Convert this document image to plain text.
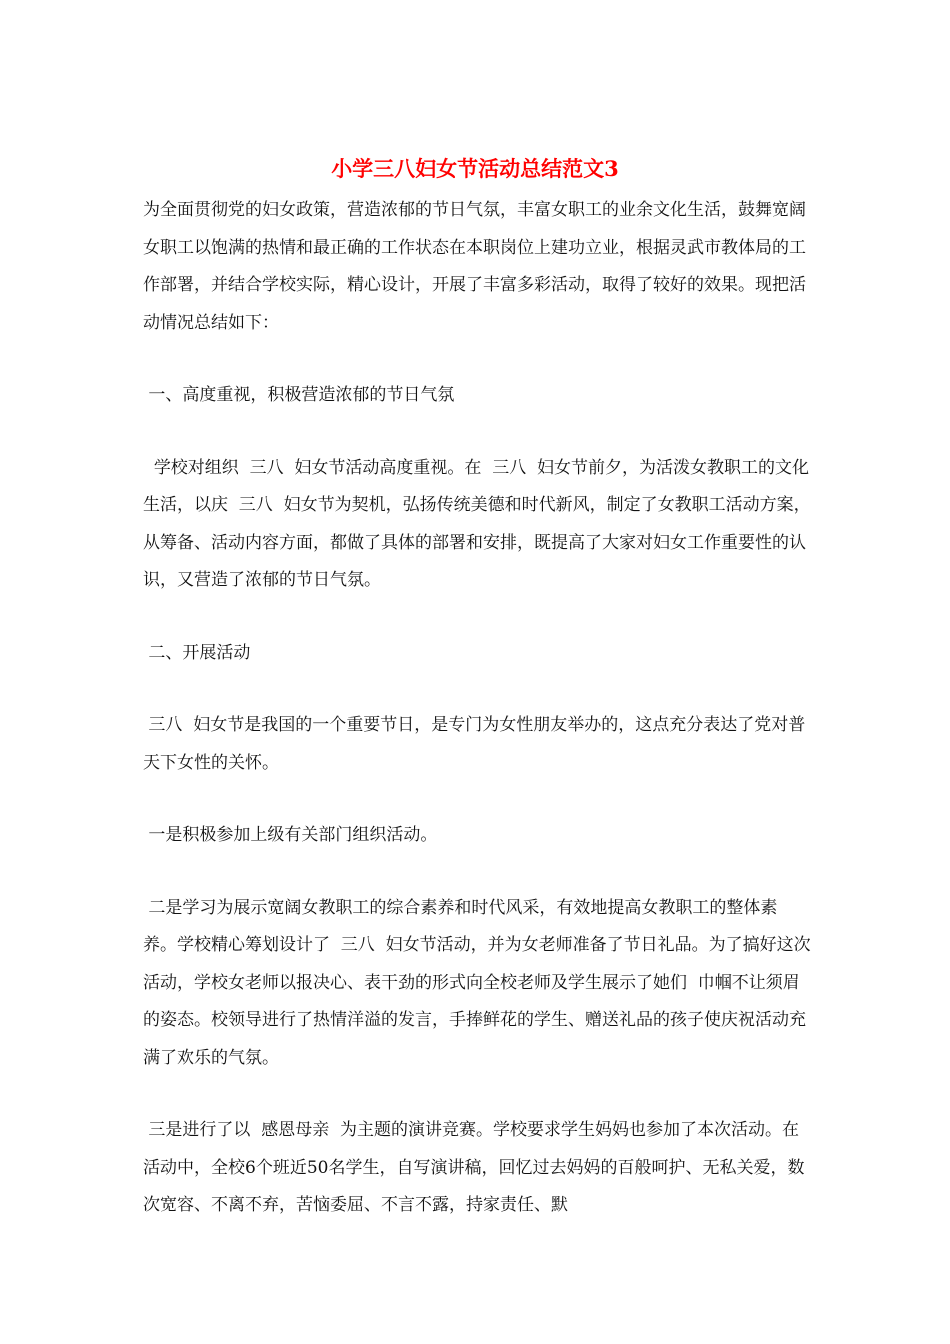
小学三八妇女节活动总结范文3

为全面贯彻党的妇女政策，营造浓郁的节日气氛，丰富女职工的业余文化生活，鼓舞宽阔女职工以饱满的热情和最正确的工作状态在本职岗位上建功立业，根据灵武市教体局的工作部署，并结合学校实际，精心设计，开展了丰富多彩活动，取得了较好的效果。现把活动情况总结如下：

一、高度重视，积极营造浓郁的节日气氛

学校对组织  三八  妇女节活动高度重视。在  三八  妇女节前夕，为活泼女教职工的文化生活，以庆  三八  妇女节为契机，弘扬传统美德和时代新风，制定了女教职工活动方案，从筹备、活动内容方面，都做了具体的部署和安排，既提高了大家对妇女工作重要性的认识，又营造了浓郁的节日气氛。

二、开展活动

三八  妇女节是我国的一个重要节日，是专门为女性朋友举办的，这点充分表达了党对普天下女性的关怀。

一是积极参加上级有关部门组织活动。

二是学习为展示宽阔女教职工的综合素养和时代风采，有效地提高女教职工的整体素养。学校精心筹划设计了  三八  妇女节活动，并为女老师准备了节日礼品。为了搞好这次活动，学校女老师以报决心、表干劲的形式向全校老师及学生展示了她们  巾帼不让须眉  的姿态。校领导进行了热情洋溢的发言，手捧鲜花的学生、赠送礼品的孩子使庆祝活动充满了欢乐的气氛。

三是进行了以  感恩母亲  为主题的演讲竞赛。学校要求学生妈妈也参加了本次活动。在活动中，全校6个班近50名学生，自写演讲稿，回忆过去妈妈的百般呵护、无私关爱，数次宽容、不离不弃，苦恼委屈、不言不露，持家责任、默
